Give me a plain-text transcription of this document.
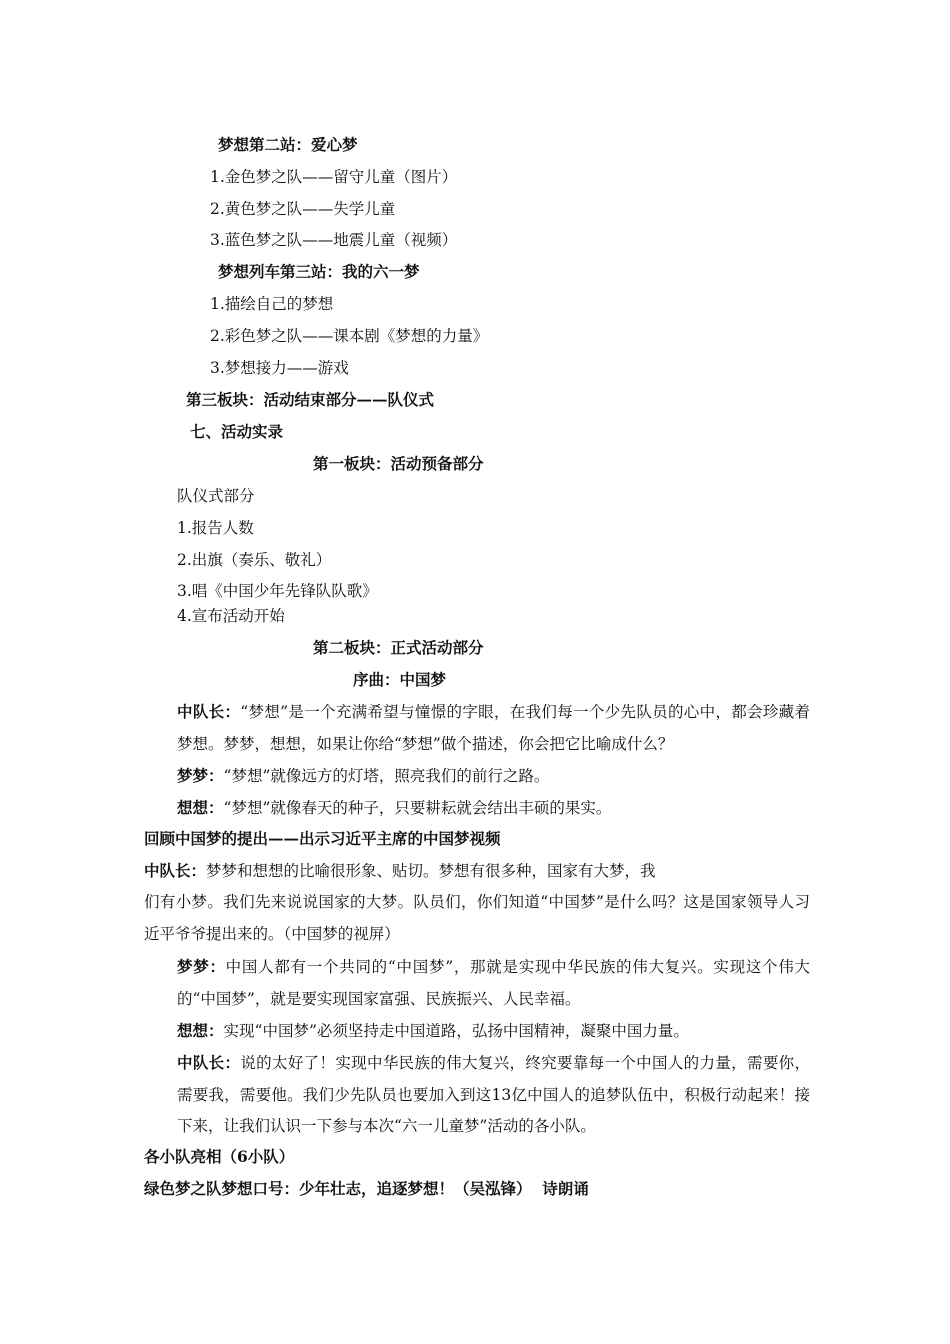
梦想第二站：爱心梦
1.金色梦之队——留守儿童（图片）
2.黄色梦之队——失学儿童
3.蓝色梦之队——地震儿童（视频）
梦想列车第三站：我的六一梦
1.描绘自己的梦想
2.彩色梦之队——课本剧《梦想的力量》
3.梦想接力——游戏
第三板块：活动结束部分——队仪式
七、活动实录
第一板块：活动预备部分
队仪式部分
1.报告人数
2.出旗（奏乐、敬礼）
3.唱《中国少年先锋队队歌》
4.宣布活动开始
第二板块：正式活动部分
序曲：中国梦
中队长：“梦想”是一个充满希望与憧憬的字眼，在我们每一个少先队员的心中，都会珍藏着梦想。梦梦，想想，如果让你给“梦想”做个描述，你会把它比喻成什么？
梦梦：“梦想”就像远方的灯塔，照亮我们的前行之路。
想想：“梦想”就像春天的种子，只要耕耘就会结出丰硕的果实。
回顾中国梦的提出——出示习近平主席的中国梦视频
中队长：梦梦和想想的比喻很形象、贴切。梦想有很多种，国家有大梦，我
们有小梦。我们先来说说国家的大梦。队员们，你们知道“中国梦”是什么吗？这是国家领导人习近平爷爷提出来的。（中国梦的视屏）
梦梦：中国人都有一个共同的“中国梦”，那就是实现中华民族的伟大复兴。实现这个伟大的“中国梦”，就是要实现国家富强、民族振兴、人民幸福。
想想：实现“中国梦”必须坚持走中国道路，弘扬中国精神，凝聚中国力量。
中队长：说的太好了！实现中华民族的伟大复兴，终究要靠每一个中国人的力量，需要你，需要我，需要他。我们少先队员也要加入到这13亿中国人的追梦队伍中，积极行动起来！接下来，让我们认识一下参与本次“六一儿童梦”活动的各小队。
各小队亮相（6小队）
绿色梦之队梦想口号：少年壮志，追逐梦想！（吴泓锋）  诗朗诵
